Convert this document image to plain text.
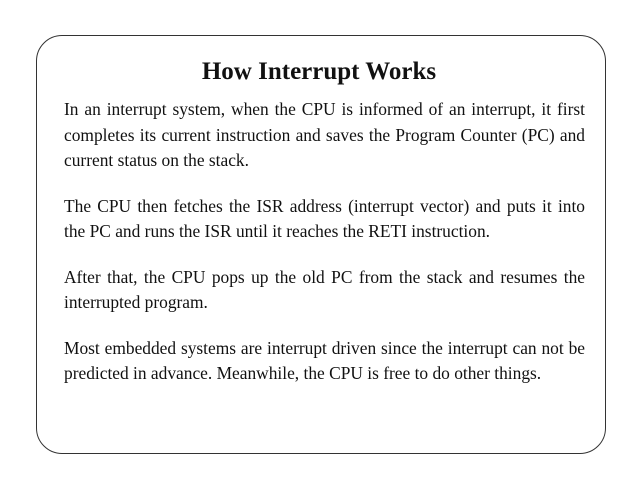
How Interrupt Works

In an interrupt system, when the CPU is informed of an interrupt, it first completes its current instruction and saves the Program Counter (PC) and current status on the stack.

The CPU then fetches the ISR address (interrupt vector) and puts it into the PC and runs the ISR until it reaches the RETI instruction.

After that, the CPU pops up the old PC from the stack and resumes the interrupted program.

Most embedded systems are interrupt driven since the interrupt can not be predicted in advance. Meanwhile, the CPU is free to do other things.
